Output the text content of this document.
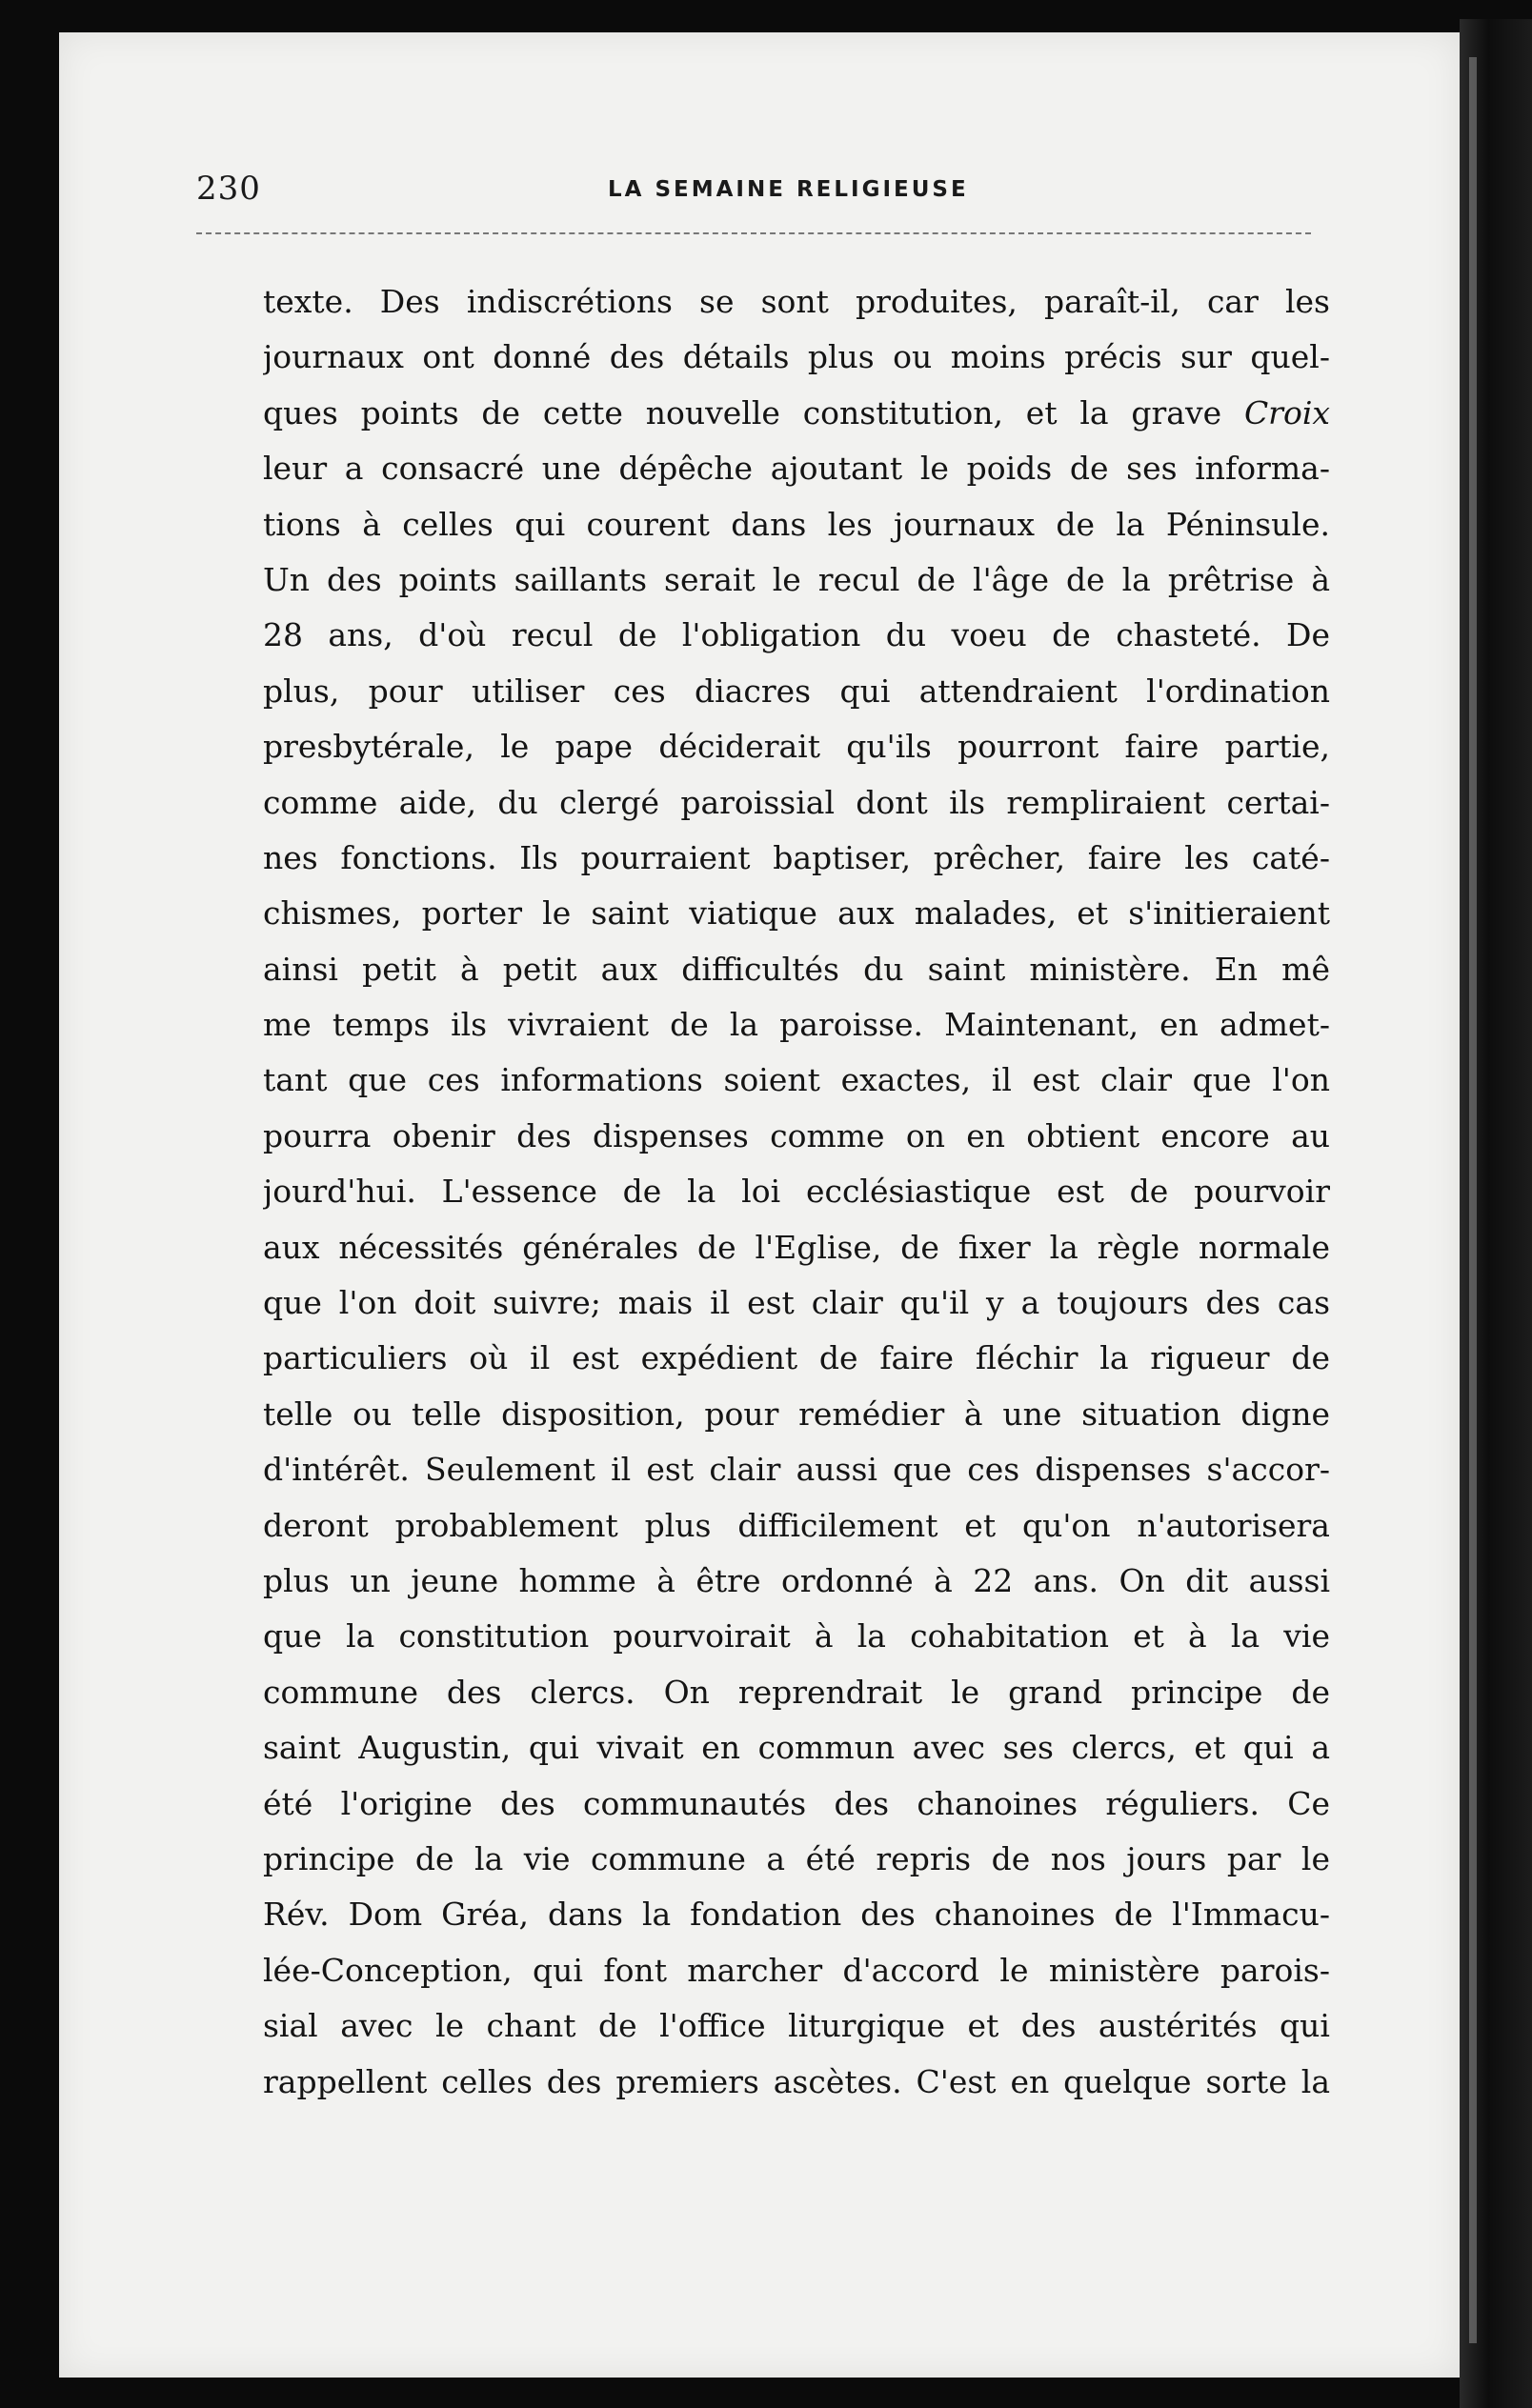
230	LA SEMAINE RELIGIEUSE
texte. Des indiscrétions se sont produites, paraît-il, car les
journaux ont donné des détails plus ou moins précis sur quel-
ques points de cette nouvelle constitution, et la grave Croix
leur a consacré une dépêche ajoutant le poids de ses informa-
tions à celles qui courent dans les journaux de la Péninsule.
Un des points saillants serait le recul de l'âge de la prêtrise à
28 ans, d'où recul de l'obligation du voeu de chasteté. De
plus, pour utiliser ces diacres qui attendraient l'ordination
presbytérale, le pape déciderait qu'ils pourront faire partie,
comme aide, du clergé paroissial dont ils rempliraient certai-
nes fonctions. Ils pourraient baptiser, prêcher, faire les caté-
chismes, porter le saint viatique aux malades, et s'initieraient
ainsi petit à petit aux difficultés du saint ministère. En mê
me temps ils vivraient de la paroisse. Maintenant, en admet-
tant que ces informations soient exactes, il est clair que l'on
pourra obenir des dispenses comme on en obtient encore au
jourd'hui. L'essence de la loi ecclésiastique est de pourvoir
aux nécessités générales de l'Eglise, de fixer la règle normale
que l'on doit suivre; mais il est clair qu'il y a toujours des cas
particuliers où il est expédient de faire fléchir la rigueur de
telle ou telle disposition, pour remédier à une situation digne
d'intérêt. Seulement il est clair aussi que ces dispenses s'accor-
deront probablement plus difficilement et qu'on n'autorisera
plus un jeune homme à être ordonné à 22 ans. On dit aussi
que la constitution pourvoirait à la cohabitation et à la vie
commune des clercs. On reprendrait le grand principe de
saint Augustin, qui vivait en commun avec ses clercs, et qui a
été l'origine des communautés des chanoines réguliers. Ce
principe de la vie commune a été repris de nos jours par le
Rév. Dom Gréa, dans la fondation des chanoines de l'Immacu-
lée-Conception, qui font marcher d'accord le ministère parois-
sial avec le chant de l'office liturgique et des austérités qui
rappellent celles des premiers ascètes. C'est en quelque sorte la
